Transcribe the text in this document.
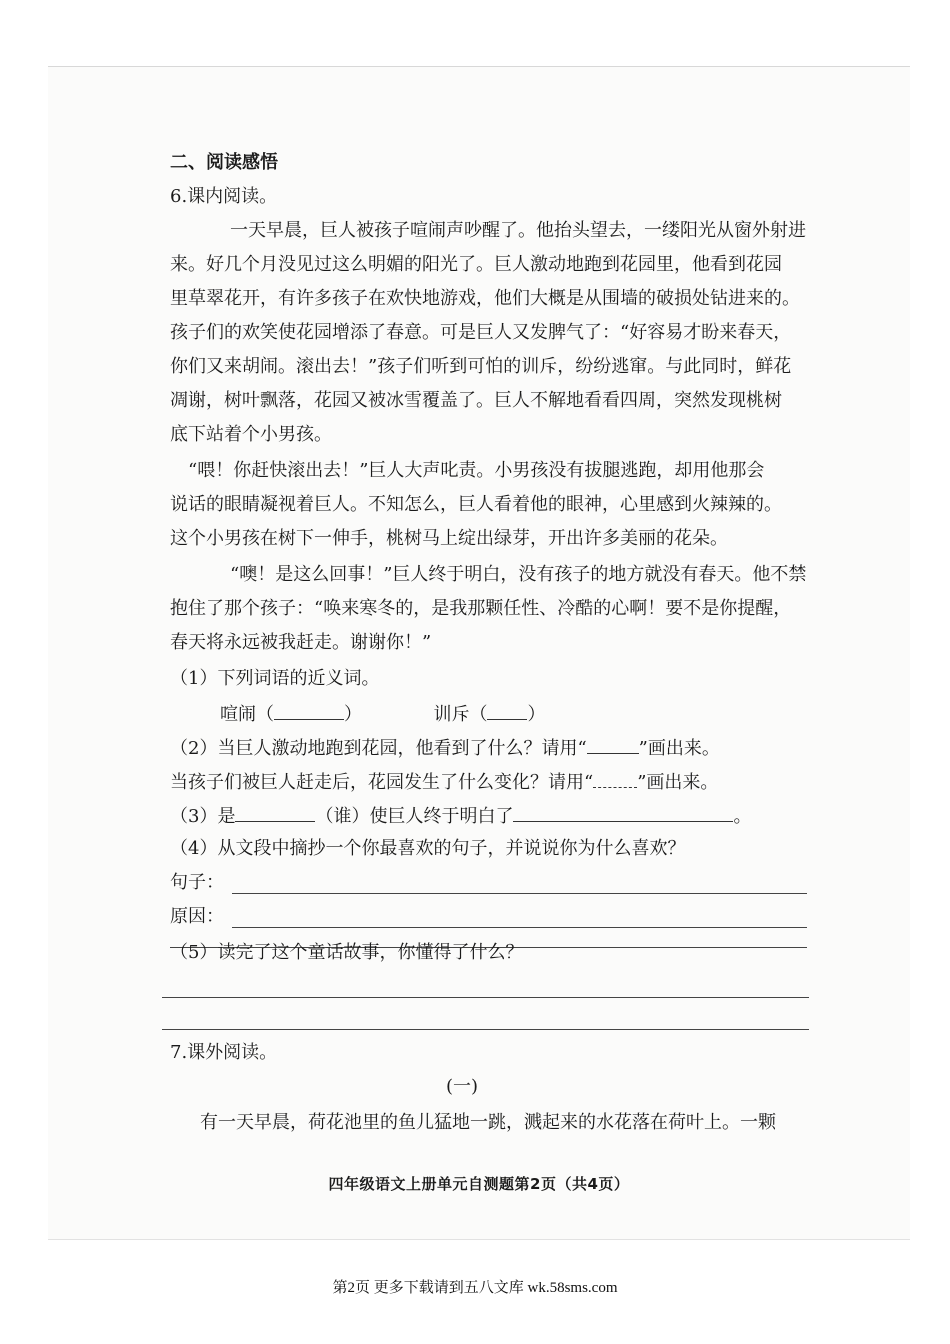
二、阅读感悟
6.课内阅读。
一天早晨，巨人被孩子喧闹声吵醒了。他抬头望去，一缕阳光从窗外射进
来。好几个月没见过这么明媚的阳光了。巨人激动地跑到花园里，他看到花园
里草翠花开，有许多孩子在欢快地游戏，他们大概是从围墙的破损处钻进来的。
孩子们的欢笑使花园增添了春意。可是巨人又发脾气了：“好容易才盼来春天，
你们又来胡闹。滚出去！”孩子们听到可怕的训斥，纷纷逃窜。与此同时，鲜花
凋谢，树叶飘落，花园又被冰雪覆盖了。巨人不解地看看四周，突然发现桃树
底下站着个小男孩。
“喂！你赶快滚出去！”巨人大声叱责。小男孩没有拔腿逃跑，却用他那会
说话的眼睛凝视着巨人。不知怎么，巨人看着他的眼神，心里感到火辣辣的。
这个小男孩在树下一伸手，桃树马上绽出绿芽，开出许多美丽的花朵。
“噢！是这么回事！”巨人终于明白，没有孩子的地方就没有春天。他不禁
抱住了那个孩子：“唤来寒冬的，是我那颗任性、冷酷的心啊！要不是你提醒，
春天将永远被我赶走。谢谢你！”
（1）下列词语的近义词。
喧闹（	）	训斥（ ）
（2）当巨人激动地跑到花园，他看到了什么？请用“	”画出来。
当孩子们被巨人赶走后，花园发生了什么变化？请用“ ”画出来。
（3）是	（谁）使巨人终于明白了	。
（4）从文段中摘抄一个你最喜欢的句子，并说说你为什么喜欢？
句子：
原因：
（5）读完了这个童话故事，你懂得了什么？
7.课外阅读。
(一)
有一天早晨，荷花池里的鱼儿猛地一跳，溅起来的水花落在荷叶上。一颗
四年级语文上册单元自测题第2页（共4页）
第2页 更多下载请到五八文库 wk.58sms.com
